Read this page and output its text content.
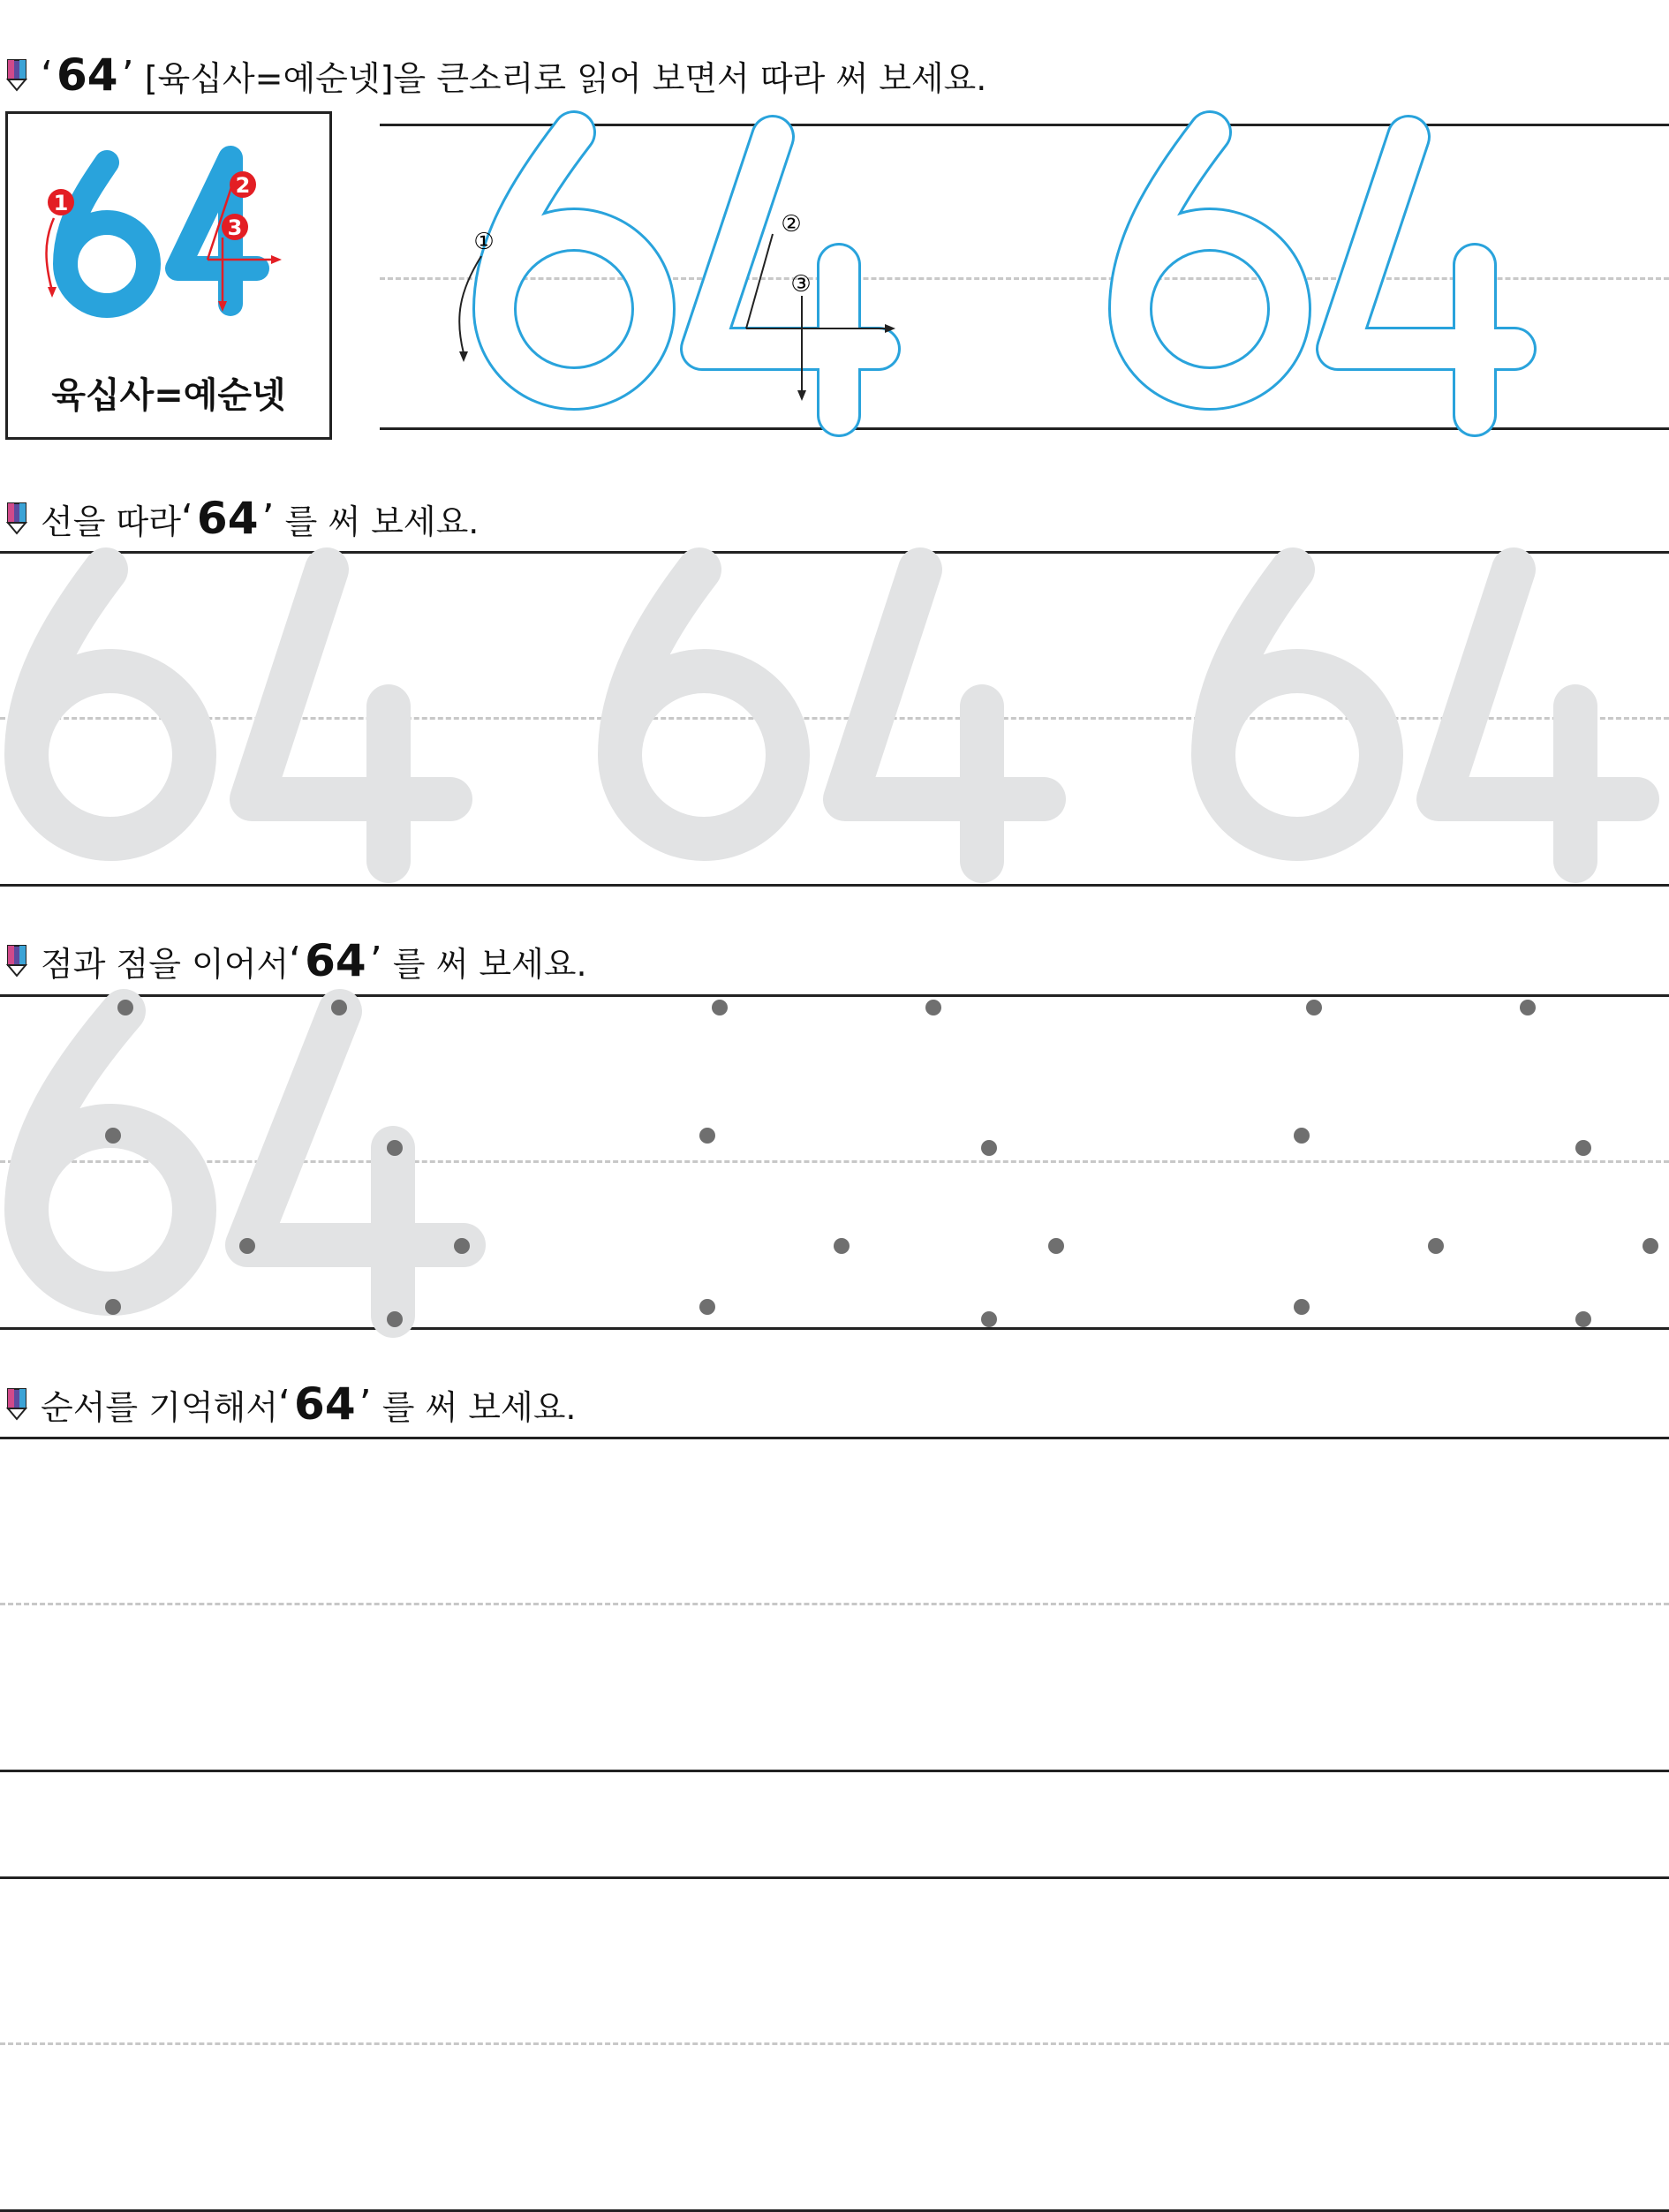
‘ 64 ’
[육십사=예순넷]을 큰소리로 읽어 보면서 따라 써 보세요.
1
2
3
육십사=예순넷
①
②
③
선을 따라 ‘ 64 ’
를 써 보세요.
점과 점을 이어서 ‘ 64 ’
를 써 보세요.
순서를 기억해서 ‘ 64 ’
를 써 보세요.
